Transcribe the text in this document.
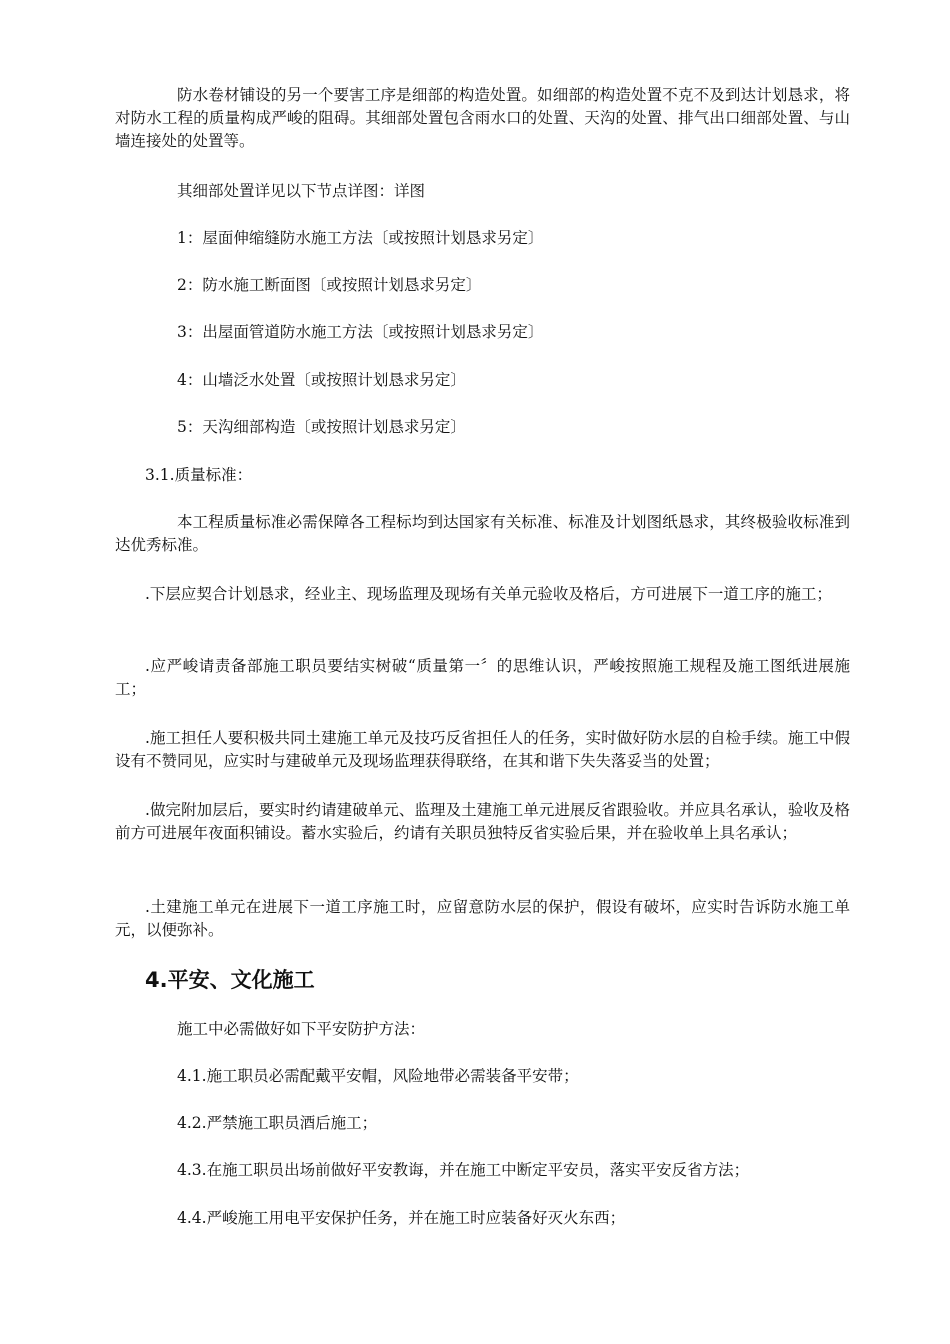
防水卷材铺设的另一个要害工序是细部的构造处置。如细部的构造处置不克不及到达计划恳求，将对防水工程的质量构成严峻的阻碍。其细部处置包含雨水口的处置、天沟的处置、排气出口细部处置、与山墙连接处的处置等。

其细部处置详见以下节点详图：详图

1：屋面伸缩缝防水施工方法〔或按照计划恳求另定〕

2：防水施工断面图〔或按照计划恳求另定〕

3：出屋面管道防水施工方法〔或按照计划恳求另定〕

4：山墙泛水处置〔或按照计划恳求另定〕

5：天沟细部构造〔或按照计划恳求另定〕

3.1.质量标准：

本工程质量标准必需保障各工程标均到达国家有关标准、标准及计划图纸恳求，其终极验收标准到达优秀标准。

.下层应契合计划恳求，经业主、现场监理及现场有关单元验收及格后，方可进展下一道工序的施工；

.应严峻请责备部施工职员要结实树破“质量第一〞的思维认识，严峻按照施工规程及施工图纸进展施工；

.施工担任人要积极共同土建施工单元及技巧反省担任人的任务，实时做好防水层的自检手续。施工中假设有不赞同见，应实时与建破单元及现场监理获得联络，在其和谐下失失落妥当的处置；

.做完附加层后，要实时约请建破单元、监理及土建施工单元进展反省跟验收。并应具名承认，验收及格前方可进展年夜面积铺设。蓄水实验后，约请有关职员独特反省实验后果，并在验收单上具名承认；

.土建施工单元在进展下一道工序施工时，应留意防水层的保护，假设有破坏，应实时告诉防水施工单元，以便弥补。

4.平安、文化施工

施工中必需做好如下平安防护方法：

4.1.施工职员必需配戴平安帽，风险地带必需装备平安带；

4.2.严禁施工职员酒后施工；

4.3.在施工职员出场前做好平安教诲，并在施工中断定平安员，落实平安反省方法；

4.4.严峻施工用电平安保护任务，并在施工时应装备好灭火东西；
